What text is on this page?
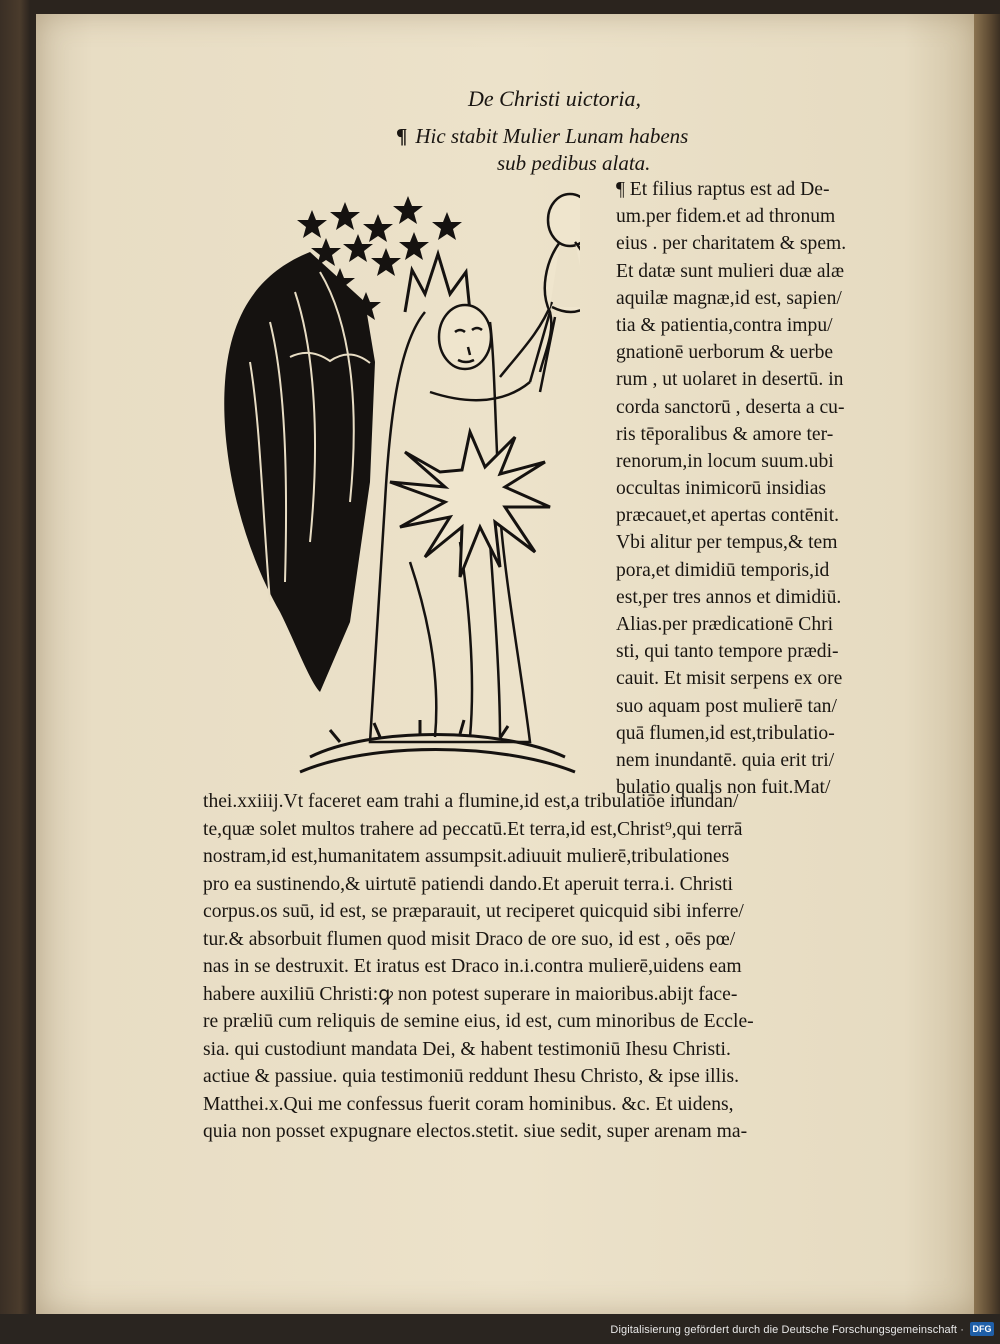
De Christi uictoria,
¶ Hic stabit Mulier Lunam habens
sub pedibus alata.
¶ Et filius raptus est ad De-
um.per fidem.et ad thronum
eius . per charitatem & spem.
Et datæ sunt mulieri duæ alæ
aquilæ magnæ,id est, sapien/
tia & patientia,contra impu/
gnationē uerborum & uerbe
rum , ut uolaret in desertū. in
corda sanctorū , deserta a cu-
ris tēporalibus & amore ter-
renorum,in locum suum.ubi
occultas inimicorū insidias
præcauet,et apertas contēnit.
Vbi alitur per tempus,& tem
pora,et dimidiū temporis,id
est,per tres annos et dimidiū.
Alias.per prædicationē Chri
sti, qui tanto tempore prædi-
cauit. Et misit serpens ex ore
suo aquam post mulierē tan/
quā flumen,id est,tribulatio-
nem inundantē. quia erit tri/
bulatio qualis non fuit.Mat/
thei.xxiiij.Vt faceret eam trahi a flumine,id est,a tribulatiōe inundan/
te,quæ solet multos trahere ad peccatū.Et terra,id est,Christ⁹,qui terrā
nostram,id est,humanitatem assumpsit.adiuuit mulierē,tribulationes
pro ea sustinendo,& uirtutē patiendi dando.Et aperuit terra.i. Christi
corpus.os suū, id est, se præparauit, ut reciperet quicquid sibi inferre/
tur.& absorbuit flumen quod misit Draco de ore suo, id est , oēs pœ/
nas in se destruxit. Et iratus est Draco in.i.contra mulierē,uidens eam
habere auxiliū Christi:ꝙ non potest superare in maioribus.abijt face-
re præliū cum reliquis de semine eius, id est, cum minoribus de Eccle-
sia. qui custodiunt mandata Dei, & habent testimoniū Ihesu Christi.
actiue & passiue. quia testimoniū reddunt Ihesu Christo, & ipse illis.
Matthei.x.Qui me confessus fuerit coram hominibus. &c. Et uidens,
quia non posset expugnare electos.stetit. siue sedit, super arenam ma-
Digitalisierung gefördert durch die Deutsche Forschungsgemeinschaft · DFG
